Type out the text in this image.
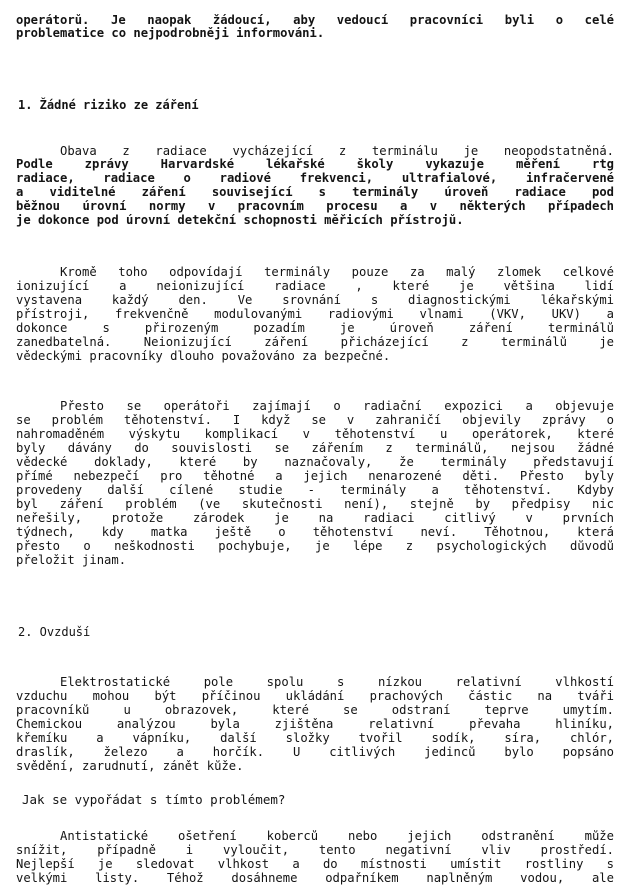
operátorů. Je naopak žádoucí, aby vedoucí pracovníci byli o celé
problematice co nejpodrobněji informováni.
1. Žádné riziko ze záření
Obava z radiace vycházející z terminálu je neopodstatněná.
Podle zprávy Harvardské lékařské školy vykazuje měření rtg
radiace, radiace o radiové frekvenci, ultrafialové, infračervené
a viditelné záření související s terminály úroveň radiace pod
běžnou úrovní normy v pracovním procesu a v některých případech
je dokonce pod úrovní detekční schopnosti měřicích přístrojů.
Kromě toho odpovídají terminály pouze za malý zlomek celkové
ionizující a neionizující radiace , které je většina lidí
vystavena každý den. Ve srovnání s diagnostickými lékařskými
přístroji, frekvenčně modulovanými radiovými vlnami (VKV, UKV) a
dokonce s přirozeným pozadím je úroveň záření terminálů
zanedbatelná. Neionizující záření přicházející z terminálů je
vědeckými pracovníky dlouho považováno za bezpečné.
Přesto se operátoři zajímají o radiační expozici a objevuje
se problém těhotenství. I když se v zahraničí objevily zprávy o
nahromaděném výskytu komplikací v těhotenství u operátorek, které
byly dávány do souvislosti se zářením z terminálů, nejsou žádné
vědecké doklady, které by naznačovaly, že terminály představují
přímé nebezpečí pro těhotné a jejich nenarozené děti. Přesto byly
provedeny další cílené studie - terminály a těhotenství. Kdyby
byl záření problém (ve skutečnosti není), stejně by předpisy nic
neřešily, protože zárodek je na radiaci citlivý v prvních
týdnech, kdy matka ještě o těhotenství neví. Těhotnou, která
přesto o neškodnosti pochybuje, je lépe z psychologických důvodů
přeložit jinam.
2. Ovzduší
Elektrostatické pole spolu s nízkou relativní vlhkostí
vzduchu mohou být příčinou ukládání prachových částic na tváři
pracovníků u obrazovek, které se odstraní teprve umytím.
Chemickou analýzou byla zjištěna relativní převaha hliníku,
křemíku a vápníku, další složky tvořil sodík, síra, chlór,
draslík, železo a horčík. U citlivých jedinců bylo popsáno
svědění, zarudnutí, zánět kůže.
Jak se vypořádat s tímto problémem?
Antistatické ošetření koberců nebo jejich odstranění může
snížit, případně i vyloučit, tento negativní vliv prostředí.
Nejlepší je sledovat vlhkost a do místnosti umístit rostliny s
velkými listy. Téhož dosáhneme odpařníkem naplněným vodou, ale
